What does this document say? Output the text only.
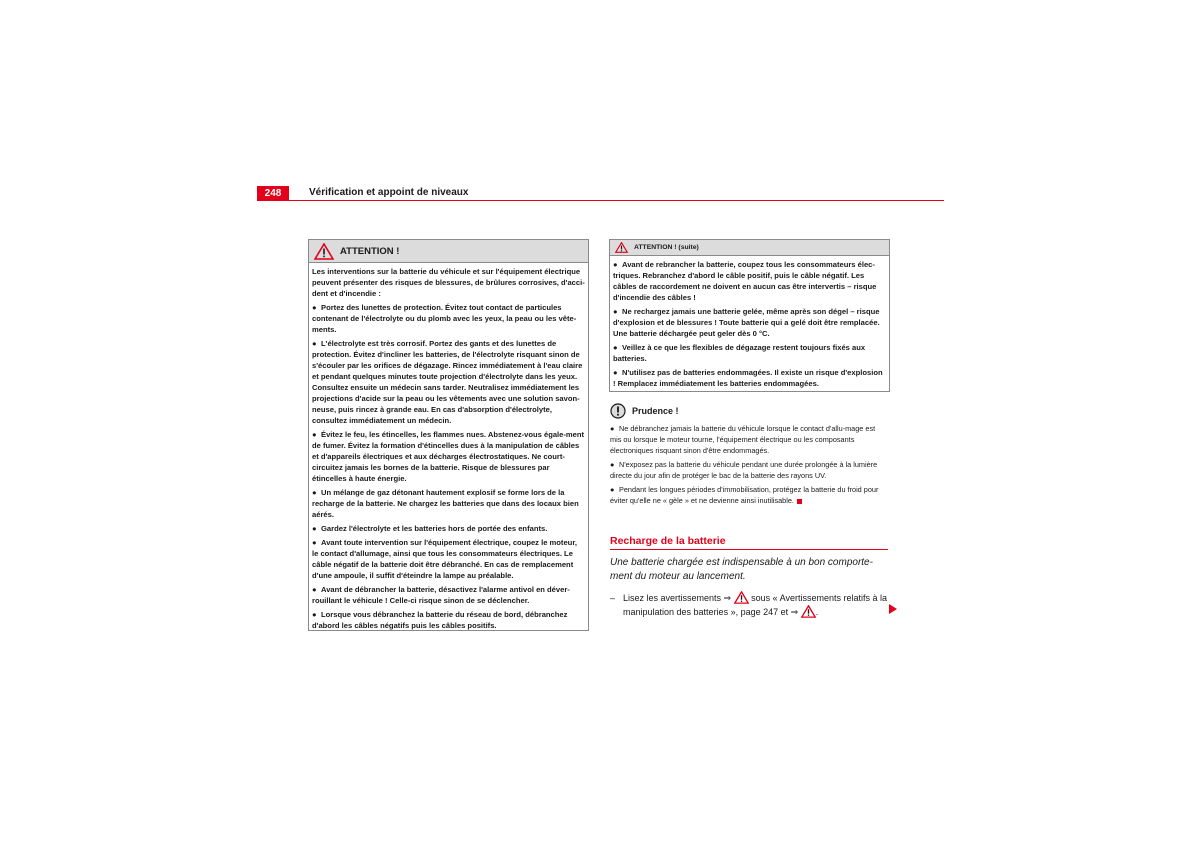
248	Vérification et appoint de niveaux
ATTENTION !

Les interventions sur la batterie du véhicule et sur l'équipement électrique peuvent présenter des risques de blessures, de brûlures corrosives, d'acci-dent et d'incendie :

● Portez des lunettes de protection. Évitez tout contact de particules contenant de l'électrolyte ou du plomb avec les yeux, la peau ou les vête-ments.

● L'électrolyte est très corrosif. Portez des gants et des lunettes de protection. Évitez d'incliner les batteries, de l'électrolyte risquant sinon de s'écouler par les orifices de dégazage. Rincez immédiatement à l'eau claire et pendant quelques minutes toute projection d'électrolyte dans les yeux. Consultez ensuite un médecin sans tarder. Neutralisez immédiatement les projections d'acide sur la peau ou les vêtements avec une solution savon-neuse, puis rincez à grande eau. En cas d'absorption d'électrolyte, consultez immédiatement un médecin.

● Évitez le feu, les étincelles, les flammes nues. Abstenez-vous égale-ment de fumer. Évitez la formation d'étincelles dues à la manipulation de câbles et d'appareils électriques et aux décharges électrostatiques. Ne court-circuitez jamais les bornes de la batterie. Risque de blessures par étincelles à haute énergie.

● Un mélange de gaz détonant hautement explosif se forme lors de la recharge de la batterie. Ne chargez les batteries que dans des locaux bien aérés.

● Gardez l'électrolyte et les batteries hors de portée des enfants.

● Avant toute intervention sur l'équipement électrique, coupez le moteur, le contact d'allumage, ainsi que tous les consommateurs électriques. Le câble négatif de la batterie doit être débranché. En cas de remplacement d'une ampoule, il suffit d'éteindre la lampe au préalable.

● Avant de débrancher la batterie, désactivez l'alarme antivol en déver-rouillant le véhicule ! Celle-ci risque sinon de se déclencher.

● Lorsque vous débranchez la batterie du réseau de bord, débranchez d'abord les câbles négatifs puis les câbles positifs.

ATTENTION ! (suite)

● Avant de rebrancher la batterie, coupez tous les consommateurs élec-triques. Rebranchez d'abord le câble positif, puis le câble négatif. Les câbles de raccordement ne doivent en aucun cas être intervertis – risque d'incendie des câbles !

● Ne rechargez jamais une batterie gelée, même après son dégel – risque d'explosion et de blessures ! Toute batterie qui a gelé doit être remplacée. Une batterie déchargée peut geler dès 0 °C.

● Veillez à ce que les flexibles de dégazage restent toujours fixés aux batteries.

● N'utilisez pas de batteries endommagées. Il existe un risque d'explosion ! Remplacez immédiatement les batteries endommagées.

Prudence !

● Ne débranchez jamais la batterie du véhicule lorsque le contact d'allu-mage est mis ou lorsque le moteur tourne, l'équipement électrique ou les composants électroniques risquant sinon d'être endommagés.

● N'exposez pas la batterie du véhicule pendant une durée prolongée à la lumière directe du jour afin de protéger le bac de la batterie des rayons UV.

● Pendant les longues périodes d'immobilisation, protégez la batterie du froid pour éviter qu'elle ne « gèle » et ne devienne ainsi inutilisable.

Recharge de la batterie
Une batterie chargée est indispensable à un bon comporte-ment du moteur au lancement.
– Lisez les avertissements ⇒ sous « Avertissements relatifs à la manipulation des batteries », page 247 et ⇒ .
